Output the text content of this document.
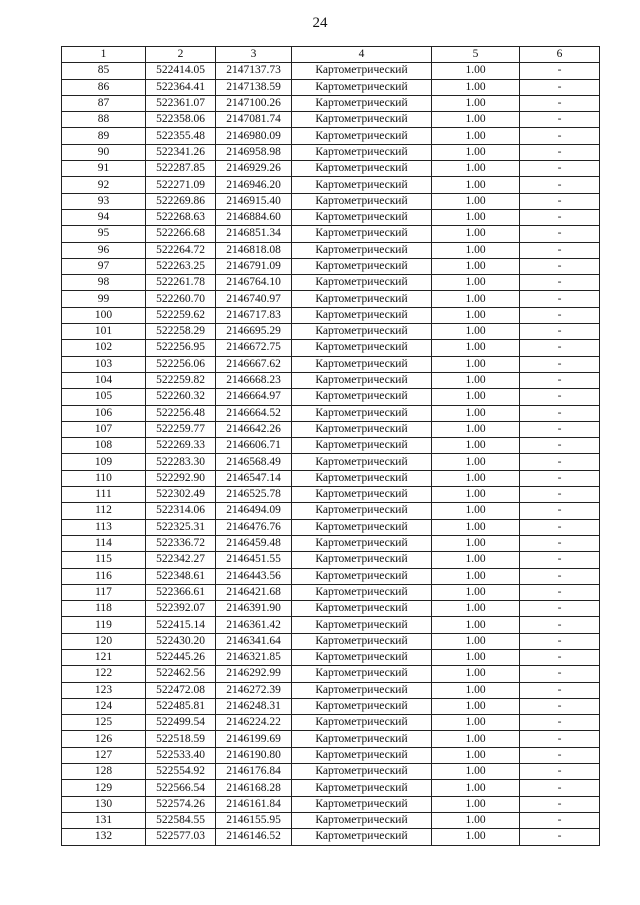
24
1	2	3	4	5	6
85	522414.05	2147137.73	Картометрический	1.00	-
86	522364.41	2147138.59	Картометрический	1.00	-
87	522361.07	2147100.26	Картометрический	1.00	-
88	522358.06	2147081.74	Картометрический	1.00	-
89	522355.48	2146980.09	Картометрический	1.00	-
90	522341.26	2146958.98	Картометрический	1.00	-
91	522287.85	2146929.26	Картометрический	1.00	-
92	522271.09	2146946.20	Картометрический	1.00	-
93	522269.86	2146915.40	Картометрический	1.00	-
94	522268.63	2146884.60	Картометрический	1.00	-
95	522266.68	2146851.34	Картометрический	1.00	-
96	522264.72	2146818.08	Картометрический	1.00	-
97	522263.25	2146791.09	Картометрический	1.00	-
98	522261.78	2146764.10	Картометрический	1.00	-
99	522260.70	2146740.97	Картометрический	1.00	-
100	522259.62	2146717.83	Картометрический	1.00	-
101	522258.29	2146695.29	Картометрический	1.00	-
102	522256.95	2146672.75	Картометрический	1.00	-
103	522256.06	2146667.62	Картометрический	1.00	-
104	522259.82	2146668.23	Картометрический	1.00	-
105	522260.32	2146664.97	Картометрический	1.00	-
106	522256.48	2146664.52	Картометрический	1.00	-
107	522259.77	2146642.26	Картометрический	1.00	-
108	522269.33	2146606.71	Картометрический	1.00	-
109	522283.30	2146568.49	Картометрический	1.00	-
110	522292.90	2146547.14	Картометрический	1.00	-
111	522302.49	2146525.78	Картометрический	1.00	-
112	522314.06	2146494.09	Картометрический	1.00	-
113	522325.31	2146476.76	Картометрический	1.00	-
114	522336.72	2146459.48	Картометрический	1.00	-
115	522342.27	2146451.55	Картометрический	1.00	-
116	522348.61	2146443.56	Картометрический	1.00	-
117	522366.61	2146421.68	Картометрический	1.00	-
118	522392.07	2146391.90	Картометрический	1.00	-
119	522415.14	2146361.42	Картометрический	1.00	-
120	522430.20	2146341.64	Картометрический	1.00	-
121	522445.26	2146321.85	Картометрический	1.00	-
122	522462.56	2146292.99	Картометрический	1.00	-
123	522472.08	2146272.39	Картометрический	1.00	-
124	522485.81	2146248.31	Картометрический	1.00	-
125	522499.54	2146224.22	Картометрический	1.00	-
126	522518.59	2146199.69	Картометрический	1.00	-
127	522533.40	2146190.80	Картометрический	1.00	-
128	522554.92	2146176.84	Картометрический	1.00	-
129	522566.54	2146168.28	Картометрический	1.00	-
130	522574.26	2146161.84	Картометрический	1.00	-
131	522584.55	2146155.95	Картометрический	1.00	-
132	522577.03	2146146.52	Картометрический	1.00	-
